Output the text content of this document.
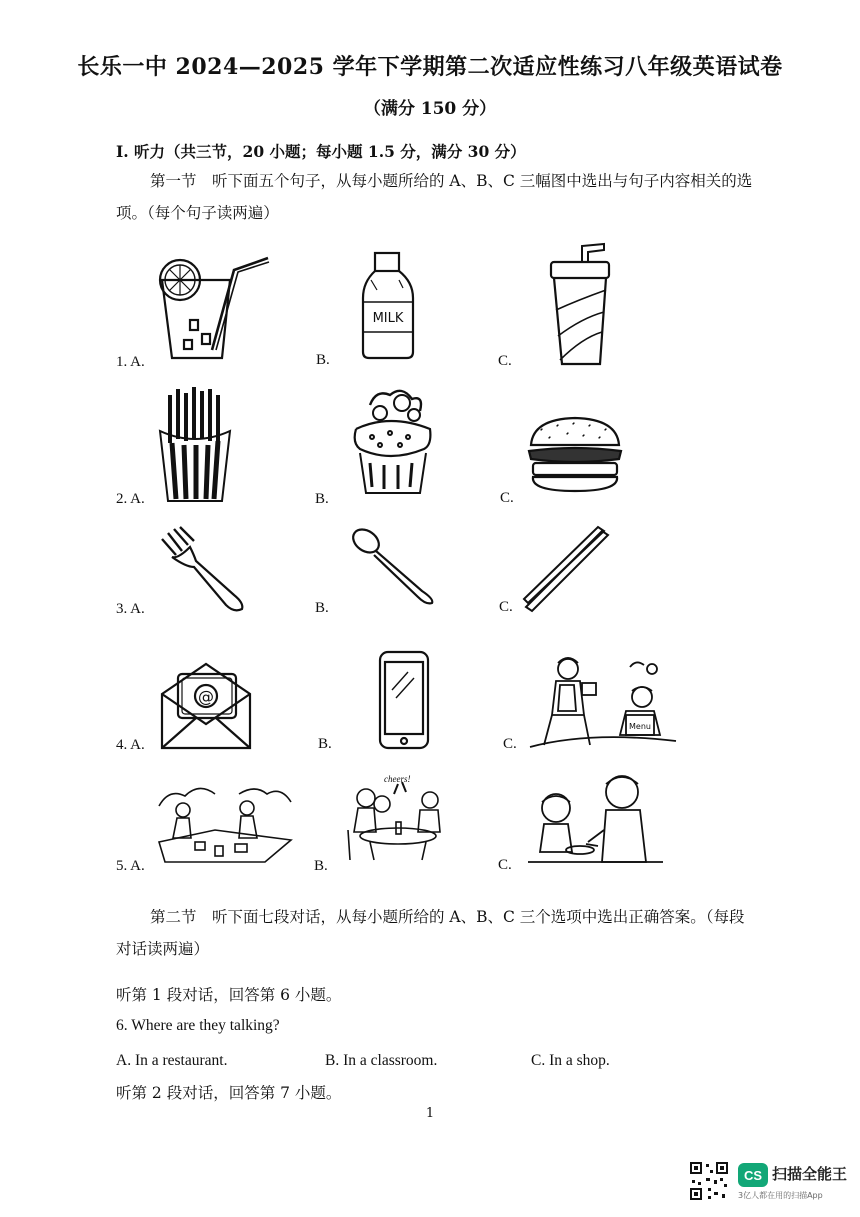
长乐一中 2024—2025 学年下学期第二次适应性练习八年级英语试卷
（满分 150 分）
I. 听力（共三节，20 小题；每小题 1.5 分，满分 30 分）
第一节　听下面五个句子，从每小题所给的 A、B、C 三幅图中选出与句子内容相关的选
项。（每个句子读两遍）
1. A.	B.	C.
MILK
2. A.	B.	C.
3. A.	B.	C.
4. A.	B.	C.
@
Menu
5. A.	B.	C.
cheers!
第二节　听下面七段对话，从每小题所给的 A、B、C 三个选项中选出正确答案。（每段
对话读两遍）
听第 1 段对话，回答第 6 小题。
6. Where are they talking?
A. In a restaurant.	B. In a classroom.	C. In a shop.
听第 2 段对话，回答第 7 小题。
1
CS 扫描全能王
3亿人都在用的扫描App
